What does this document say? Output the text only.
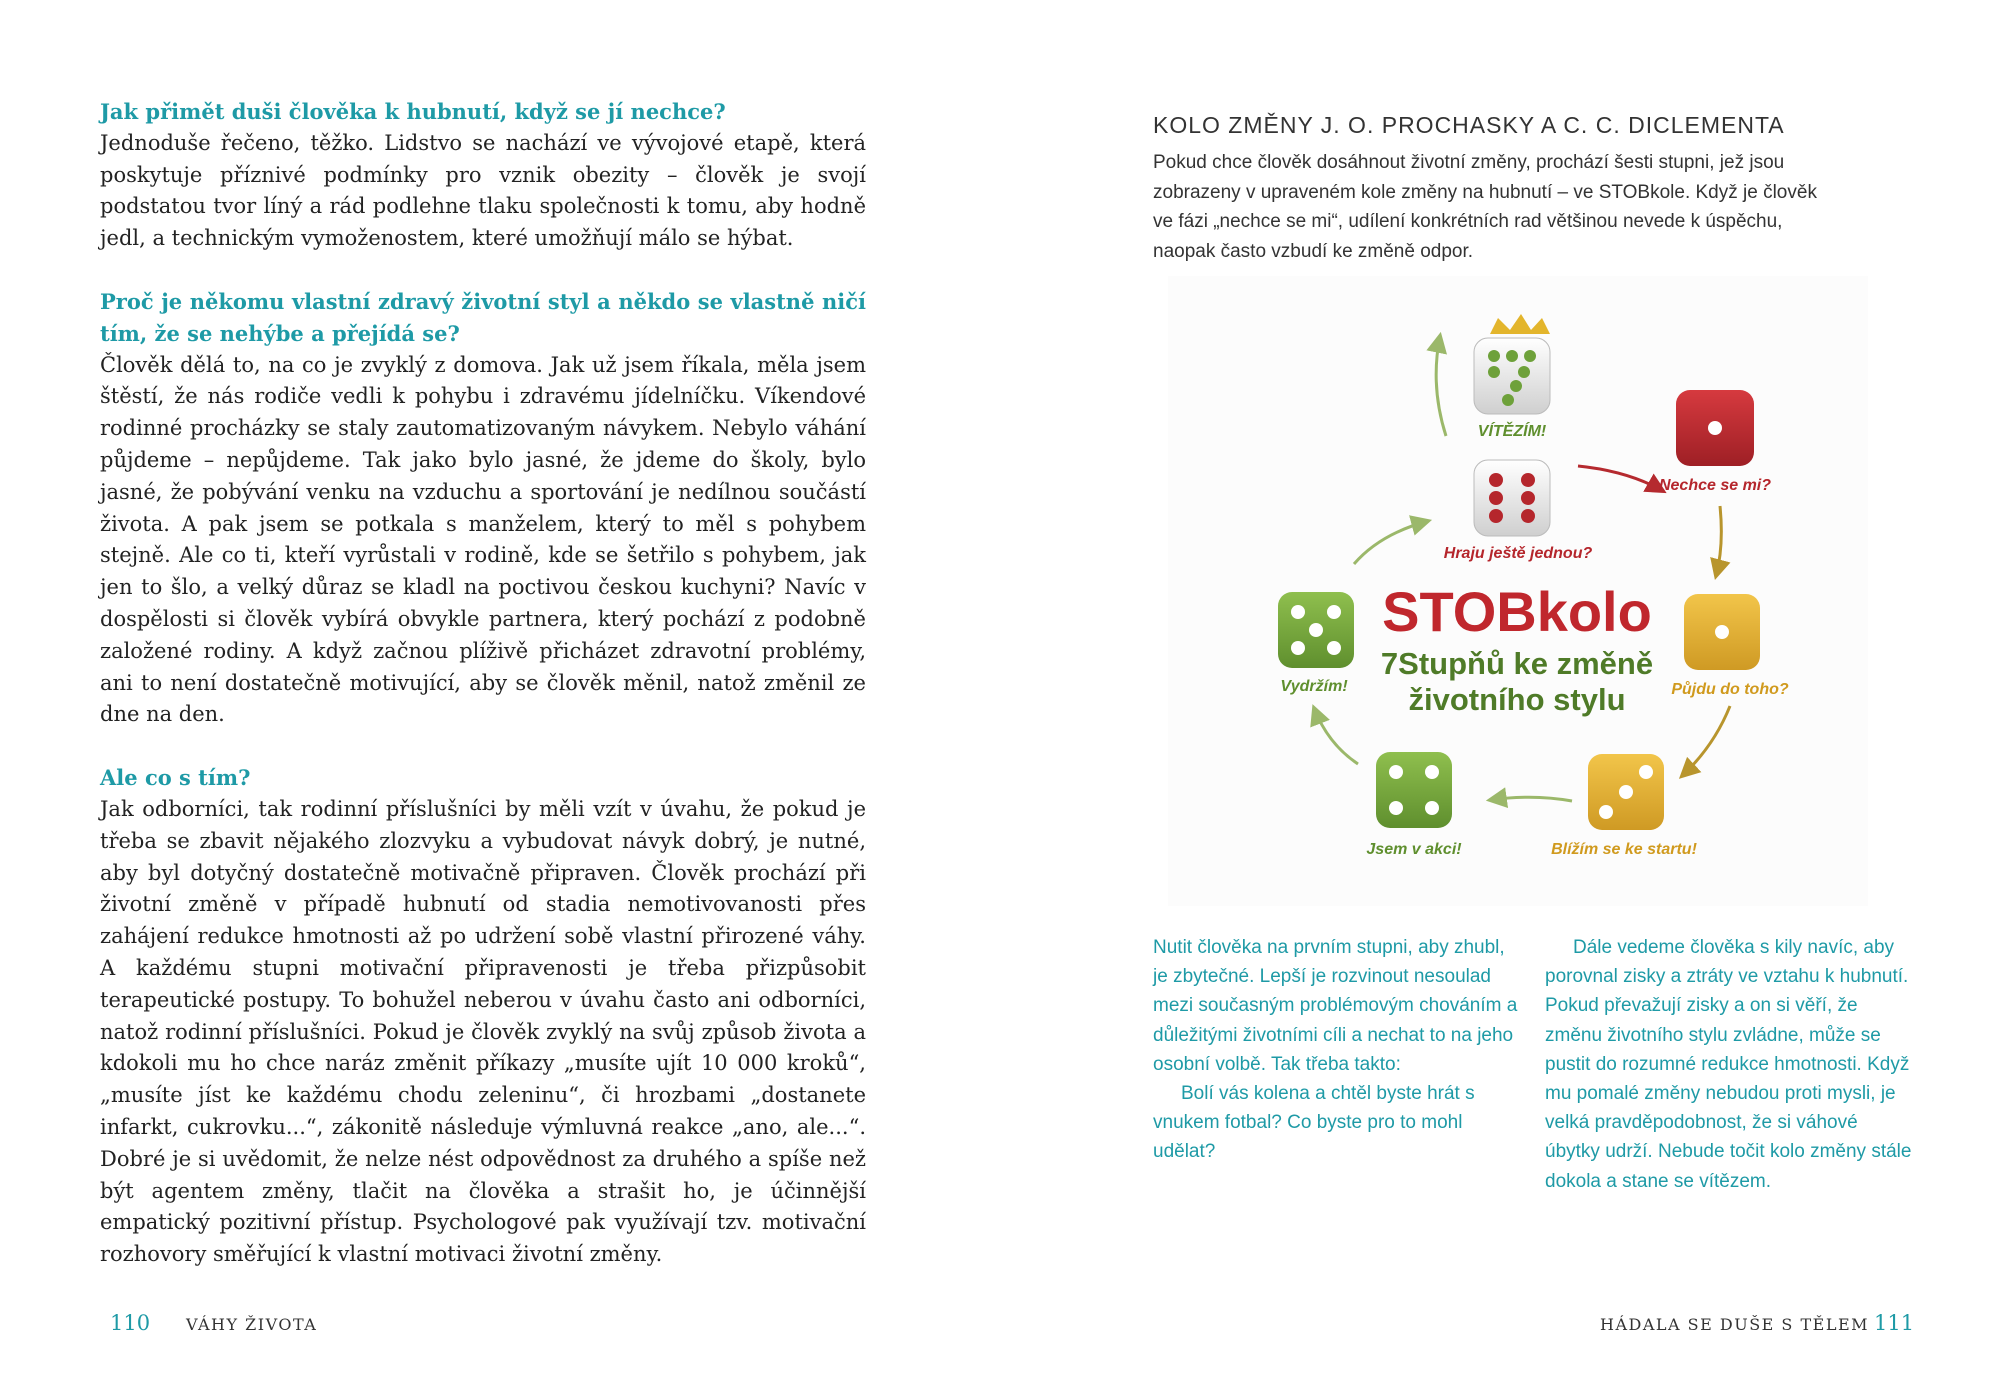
Jak přimět duši člověka k hubnutí, když se jí nechce?

Jednoduše řečeno, těžko. Lidstvo se nachází ve vývojové etapě, která poskytuje příznivé podmínky pro vznik obezity – člověk je svojí podstatou tvor líný a rád podlehne tlaku společnosti k tomu, aby hodně jedl, a technickým vymoženostem, které umožňují málo se hýbat.

Proč je někomu vlastní zdravý životní styl a někdo se vlastně ničí tím, že se nehýbe a přejídá se?

Člověk dělá to, na co je zvyklý z domova. Jak už jsem říkala, měla jsem štěstí, že nás rodiče vedli k pohybu i zdravému jídelníčku. Víkendové rodinné procházky se staly zautomatizovaným návykem. Nebylo váhání půjdeme – nepůjdeme. Tak jako bylo jasné, že jdeme do školy, bylo jasné, že pobývání venku na vzduchu a sportování je nedílnou součástí života. A pak jsem se potkala s manželem, který to měl s pohybem stejně. Ale co ti, kteří vyrůstali v rodině, kde se šetřilo s pohybem, jak jen to šlo, a velký důraz se kladl na poctivou českou kuchyni? Navíc v dospělosti si člověk vybírá obvykle partnera, který pochází z podobně založené rodiny. A když začnou plíživě přicházet zdravotní problémy, ani to není dostatečně motivující, aby se člověk měnil, natož změnil ze dne na den.

Ale co s tím?

Jak odborníci, tak rodinní příslušníci by měli vzít v úvahu, že pokud je třeba se zbavit nějakého zlozvyku a vybudovat návyk dobrý, je nutné, aby byl dotyčný dostatečně motivačně připraven. Člověk prochází při životní změně v případě hubnutí od stadia nemotivovanosti přes zahájení redukce hmotnosti až po udržení sobě vlastní přirozené váhy. A každému stupni motivační připravenosti je třeba přizpůsobit terapeutické postupy. To bohužel neberou v úvahu často ani odborníci, natož rodinní příslušníci. Pokud je člověk zvyklý na svůj způsob života a kdokoli mu ho chce naráz změnit příkazy „musíte ujít 10 000 kroků“, „musíte jíst ke každému chodu zeleninu“, či hrozbami „dostanete infarkt, cukrovku...“, zákonitě následuje výmluvná reakce „ano, ale...“. Dobré je si uvědomit, že nelze nést odpovědnost za druhého a spíše než být agentem změny, tlačit na člověka a strašit ho, je účinnější empatický pozitivní přístup. Psychologové pak využívají tzv. motivační rozhovory směřující k vlastní motivaci životní změny.

110 VÁHY ŽIVOTA
KOLO ZMĚNY J. O. PROCHASKY A C. C. DICLEMENTA
Pokud chce člověk dosáhnout životní změny, prochází šesti stupni, jež jsou zobrazeny v upraveném kole změny na hubnutí – ve STOBkole. Když je člověk ve fázi „nechce se mi“, udílení konkrétních rad většinou nevede k úspěchu, naopak často vzbudí ke změně odpor.
VÍTĚZÍM!
Hraju ještě jednou?
Nechce se mi?
Půjdu do toho?
Blížím se ke startu!
Jsem v akci!
Vydržím!
STOBkolo
7Stupňů ke změně
životního stylu

Nutit člověka na prvním stupni, aby zhubl, je zbytečné. Lepší je rozvinout nesoulad mezi současným problémovým chováním a důležitými životními cíli a nechat to na jeho osobní volbě. Tak třeba takto:

Bolí vás kolena a chtěl byste hrát s vnukem fotbal? Co byste pro to mohl udělat?

Dále vedeme člověka s kily navíc, aby porovnal zisky a ztráty ve vztahu k hubnutí. Pokud převažují zisky a on si věří, že změnu životního stylu zvládne, může se pustit do rozumné redukce hmotnosti. Když mu pomalé změny nebudou proti mysli, je velká pravděpodobnost, že si váhové úbytky udrží. Nebude točit kolo změny stále dokola a stane se vítězem.

HÁDALA SE DUŠE S TĚLEM 111
